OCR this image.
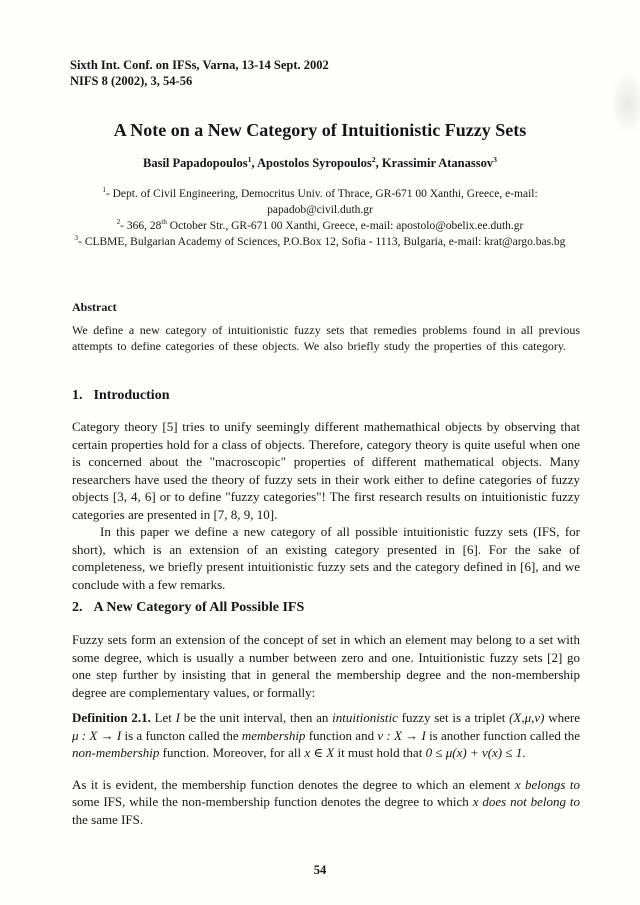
Sixth Int. Conf. on IFSs, Varna, 13-14 Sept. 2002
NIFS 8 (2002), 3, 54-56
A Note on a New Category of Intuitionistic Fuzzy Sets
Basil Papadopoulos$^1$, Apostolos Syropoulos$^2$, Krassimir Atanassov$^3$

$^1$- Dept. of Civil Engineering, Democritus Univ. of Thrace, GR-671 00 Xanthi, Greece, e-mail: papadob@civil.duth.gr

$^2$- 366, 28th October Str., GR-671 00 Xanthi, Greece, e-mail: apostolo@obelix.ee.duth.gr

$^3$- CLBME, Bulgarian Academy of Sciences, P.O.Box 12, Sofia - 1113, Bulgaria, e-mail: krat@argo.bas.bg

Abstract
We define a new category of intuitionistic fuzzy sets that remedies problems found in all previous attempts to define categories of these objects. We also briefly study the properties of this category.
1. Introduction

Category theory [5] tries to unify seemingly different mathemathical objects by observing that certain properties hold for a class of objects. Therefore, category theory is quite useful when one is concerned about the "macroscopic" properties of different mathematical objects. Many researchers have used the theory of fuzzy sets in their work either to define categories of fuzzy objects [3, 4, 6] or to define "fuzzy categories"! The first research results on intuitionistic fuzzy categories are presented in [7, 8, 9, 10].

In this paper we define a new category of all possible intuitionistic fuzzy sets (IFS, for short), which is an extension of an existing category presented in [6]. For the sake of completeness, we briefly present intuitionistic fuzzy sets and the category defined in [6], and we conclude with a few remarks.

2. A New Category of All Possible IFS

Fuzzy sets form an extension of the concept of set in which an element may belong to a set with some degree, which is usually a number between zero and one. Intuitionistic fuzzy sets [2] go one step further by insisting that in general the membership degree and the non-membership degree are complementary values, or formally:

Definition 2.1. Let I be the unit interval, then an intuitionistic fuzzy set is a triplet (X,μ,ν) where μ : X → I is a functon called the membership function and ν : X → I is another function called the non-membership function. Moreover, for all x ∈ X it must hold that 0 ≤ μ(x) + ν(x) ≤ 1.

As it is evident, the membership function denotes the degree to which an element x belongs to some IFS, while the non-membership function denotes the degree to which x does not belong to the same IFS.

54
